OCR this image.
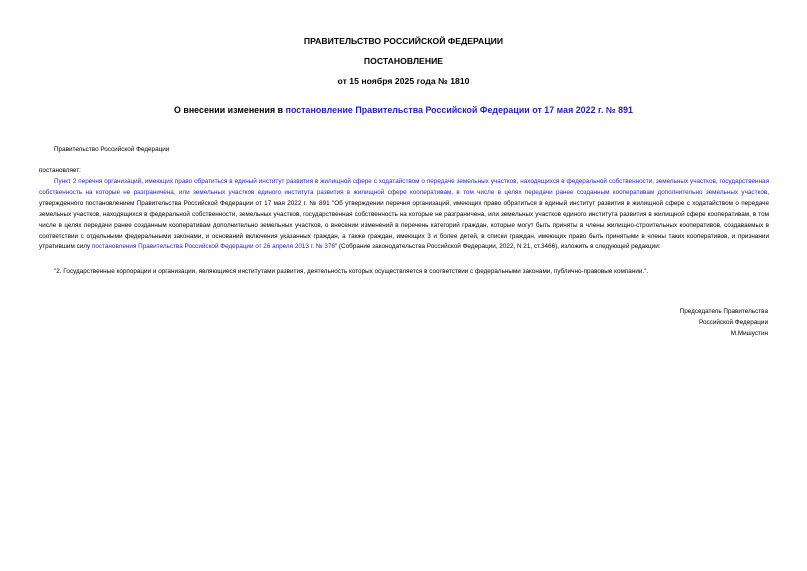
ПРАВИТЕЛЬСТВО РОССИЙСКОЙ ФЕДЕРАЦИИ
ПОСТАНОВЛЕНИЕ
от 15 ноября 2025 года № 1810
О внесении изменения в постановление Правительства Российской Федерации от 17 мая 2022 г. № 891
Правительство Российской Федерации
постановляет:
Пункт 2 перечня организаций, имеющих право обратиться в единый институт развития в жилищной сфере с ходатайством о передаче земельных участков, находящихся в федеральной собственности, земельных участков, государственная собственность на которые не разграничена, или земельных участков единого института развития в жилищной сфере кооперативам, в том числе в целях передачи ранее созданным кооперативам дополнительно земельных участков, утвержденного постановлением Правительства Российской Федерации от 17 мая 2022 г. № 891 "Об утверждении перечня организаций, имеющих право обратиться в единый институт развития в жилищной сфере с ходатайством о передаче земельных участков, находящихся в федеральной собственности, земельных участков, государственная собственность на которые не разграничена, или земельных участков единого института развития в жилищной сфере кооперативам, в том числе в целях передачи ранее созданным кооперативам дополнительно земельных участков, о внесении изменений в перечень категорий граждан, которые могут быть приняты в члены жилищно-строительных кооперативов, создаваемых в соответствии с отдельными федеральными законами, и оснований включения указанных граждан, а также граждан, имеющих 3 и более детей, в списки граждан, имеющих право быть принятыми в члены таких кооперативов, и признании утратившим силу постановления Правительства Российской Федерации от 26 апреля 2013 г. № 376" (Собрание законодательства Российской Федерации, 2022, N 21, ст.3466), изложить в следующей редакции:
"2. Государственные корпорации и организации, являющиеся институтами развития, деятельность которых осуществляется в соответствии с федеральными законами, публично-правовые компании.".
Председатель Правительства
Российской Федерации
М.Мишустин
